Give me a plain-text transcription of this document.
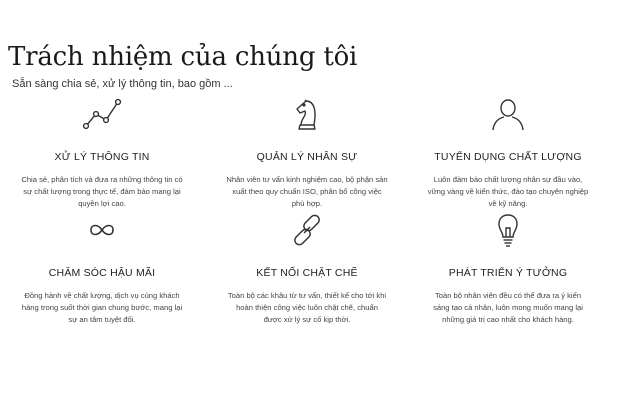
Trách nhiệm của chúng tôi
Sẵn sàng chia sẻ, xử lý thông tin, bao gồm ...
XỬ LÝ THÔNG TIN
Chia sẻ, phân tích và đưa ra những thông tin có sự chất lượng trong thực tế, đảm bảo mang lại quyền lợi cao.
QUẢN LÝ NHÂN SỰ
Nhân viên tư vấn kinh nghiệm cao, bộ phận sản xuất theo quy chuẩn ISO, phân bổ công việc phù hợp.
TUYỂN DỤNG CHẤT LƯỢNG
Luôn đảm bảo chất lượng nhân sự đầu vào, vững vàng về kiến thức, đào tạo chuyên nghiệp về kỹ năng.
CHĂM SÓC HẬU MÃI
Đồng hành về chất lượng, dịch vụ cùng khách hàng trong suốt thời gian chung bước, mang lại sự an tâm tuyệt đối.
KẾT NỐI CHẶT CHẼ
Toàn bộ các khâu từ tư vấn, thiết kế cho tới khi hoàn thiện công việc luôn chặt chẽ, chuẩn được xử lý sự cố kịp thời.
PHÁT TRIỂN Ý TƯỞNG
Toàn bộ nhân viên đều có thể đưa ra ý kiến sáng tạo cá nhân, luôn mong muốn mang lại những giá trị cao nhất cho khách hàng.
